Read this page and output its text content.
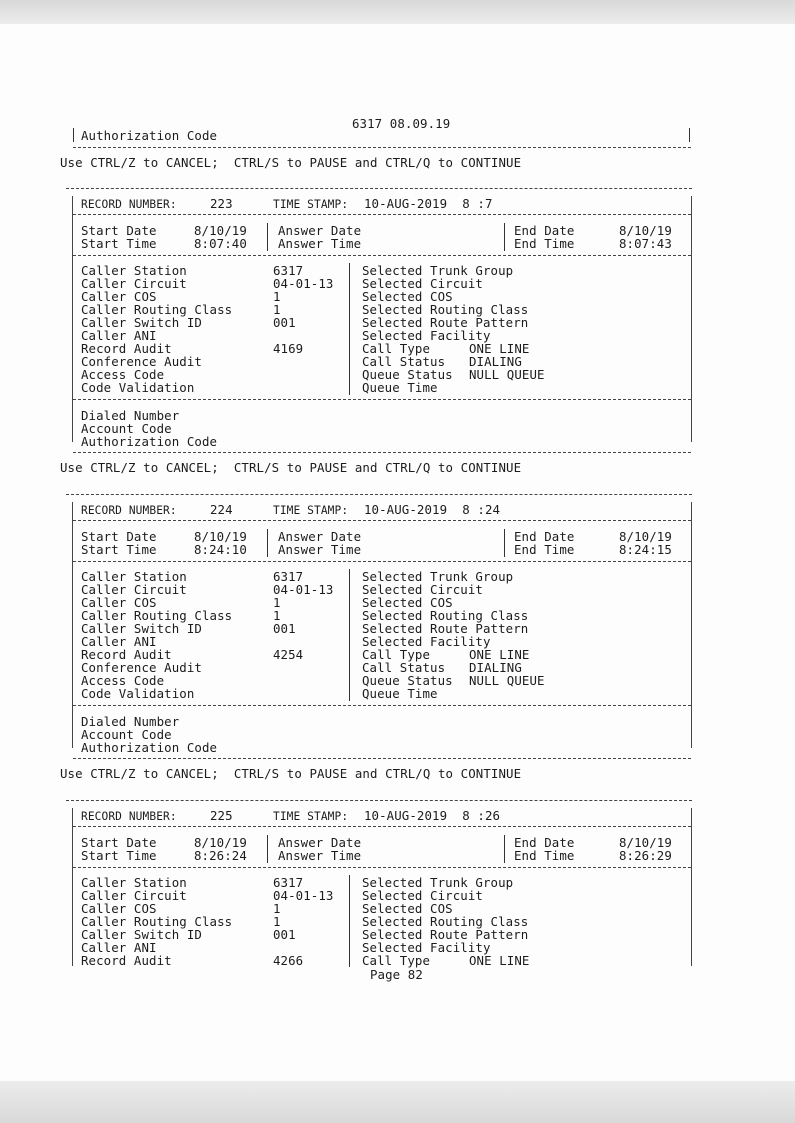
6317 08.09.19
Authorization Code
Use CTRL/Z to CANCEL;  CTRL/S to PAUSE and CTRL/Q to CONTINUE
RECORD NUMBER:	223	TIME STAMP: 10-AUG-2019  8 :7
Start Date	8/10/19	Answer Date	End Date	8/10/19
Start Time	8:07:40	Answer Time	End Time	8:07:43
Caller Station	6317	Selected Trunk Group
Caller Circuit	04-01-13 Selected Circuit
Caller COS	1	Selected COS
Caller Routing Class	1	Selected Routing Class
Caller Switch ID	001	Selected Route Pattern
Caller ANI	Selected Facility
Record Audit	4169	Call Type	ONE LINE
Conference Audit	Call Status DIALING
Access Code	Queue Status NULL QUEUE
Code Validation	Queue Time
Dialed Number
Account Code
Authorization Code
Use CTRL/Z to CANCEL;  CTRL/S to PAUSE and CTRL/Q to CONTINUE
RECORD NUMBER:	224	TIME STAMP: 10-AUG-2019  8 :24
Start Date	8/10/19	Answer Date	End Date	8/10/19
Start Time	8:24:10	Answer Time	End Time	8:24:15
Caller Station	6317	Selected Trunk Group
Caller Circuit	04-01-13 Selected Circuit
Caller COS	1	Selected COS
Caller Routing Class	1	Selected Routing Class
Caller Switch ID	001	Selected Route Pattern
Caller ANI	Selected Facility
Record Audit	4254	Call Type	ONE LINE
Conference Audit	Call Status DIALING
Access Code	Queue Status NULL QUEUE
Code Validation	Queue Time
Dialed Number
Account Code
Authorization Code
Use CTRL/Z to CANCEL;  CTRL/S to PAUSE and CTRL/Q to CONTINUE
RECORD NUMBER:	225	TIME STAMP: 10-AUG-2019  8 :26
Start Date	8/10/19	Answer Date	End Date	8/10/19
Start Time	8:26:24	Answer Time	End Time	8:26:29
Caller Station	6317	Selected Trunk Group
Caller Circuit	04-01-13 Selected Circuit
Caller COS	1	Selected COS
Caller Routing Class	1	Selected Routing Class
Caller Switch ID	001	Selected Route Pattern
Caller ANI	Selected Facility
Record Audit	4266	Call Type	ONE LINE
Page 82
